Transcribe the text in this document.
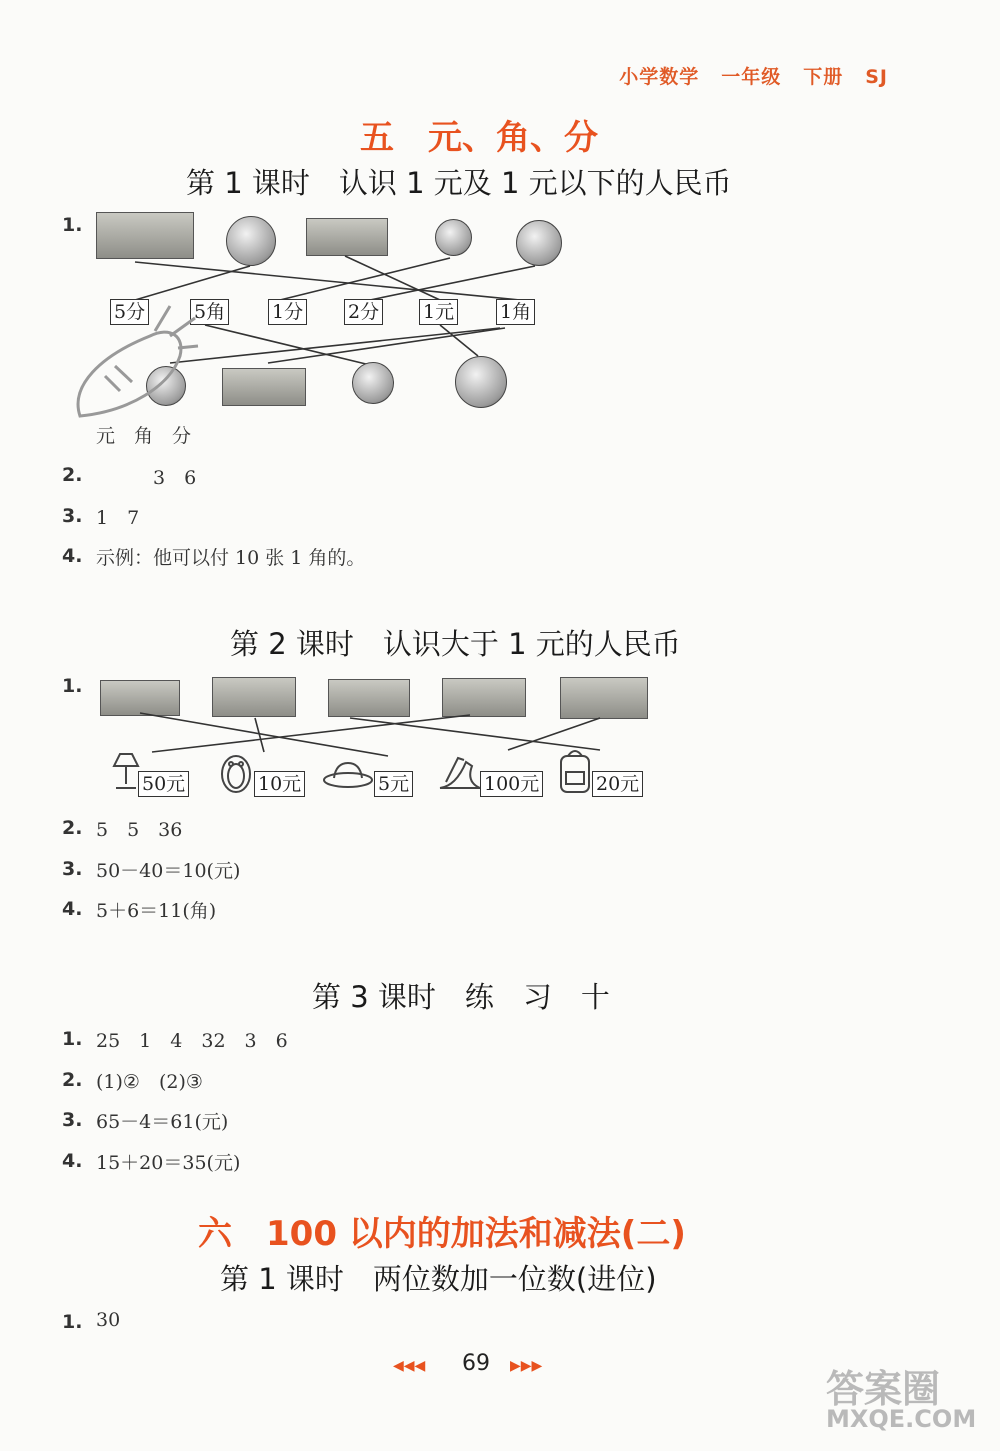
小学数学 一年级 下册 SJ
五　元、角、分
第 1 课时　认识 1 元及 1 元以下的人民币
1.
5分	5角 1分 2分 1元 1角
元　角　分
2. 　　　3　6
3. 1　7
4. 示例：他可以付 10 张 1 角的。
第 2 课时　认识大于 1 元的人民币
1.
50元	10元	5元	100元	20元
2. 5　5　36
3. 50－40＝10(元)
4. 5＋6＝11(角)
第 3 课时　练　习　十
1. 25　1　4　32　3　6
2. (1)②　(2)③
3. 65－4＝61(元)
4. 15＋20＝35(元)
六　100 以内的加法和减法(二)
第 1 课时　两位数加一位数(进位)
1. 30
◀◀◀ 69 ▶▶▶
答案圈
MXQE.COM
